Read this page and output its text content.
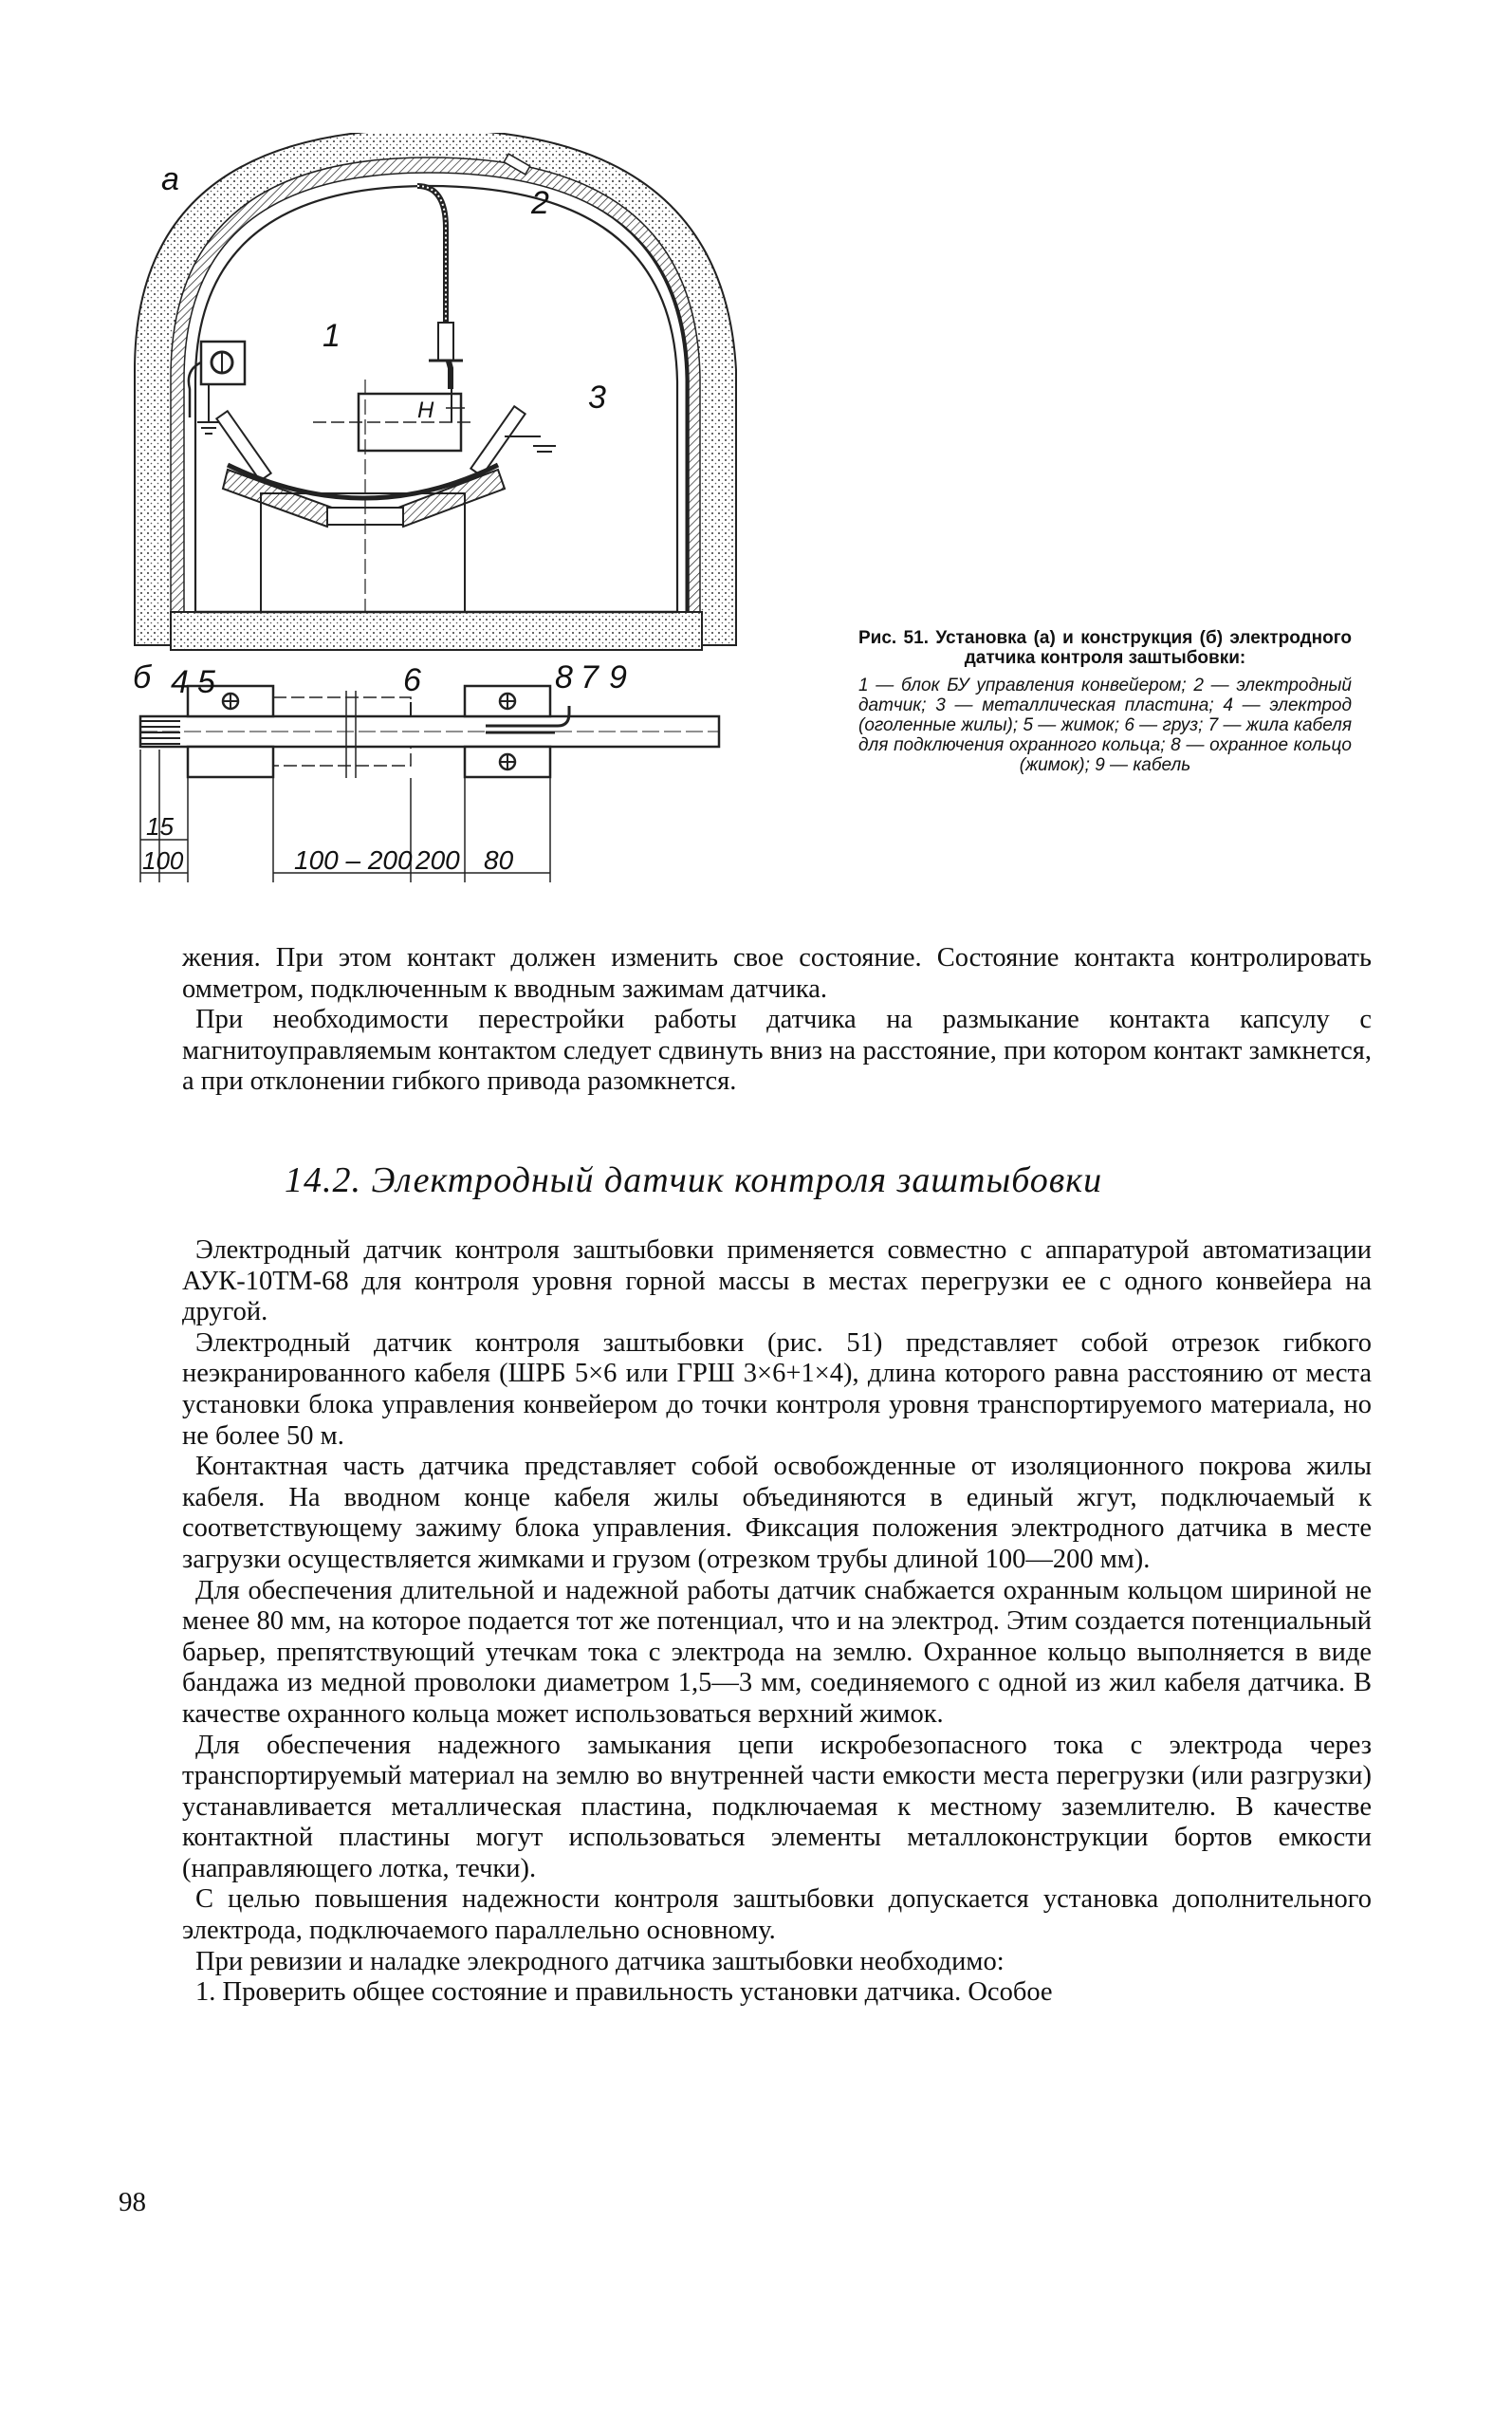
а
б
1
2
3
4 5	6	8 7 9
Н
15
100	100 – 200 200 80
Рис. 51. Установка (а) и конструкция (б) электродного датчика контроля заштыбовки:
1 — блок БУ управления конвейером; 2 — электродный датчик; 3 — металлическая пластина; 4 — электрод (оголенные жилы); 5 — жимок; 6 — груз; 7 — жила кабеля для подключения охранного кольца; 8 — охранное кольцо (жимок); 9 — кабель

жения. При этом контакт должен изменить свое состояние. Состояние контакта контролировать омметром, подключенным к вводным зажимам датчика.

При необходимости перестройки работы датчика на размыкание контакта капсулу с магнитоуправляемым контактом следует сдвинуть вниз на расстояние, при котором контакт замкнется, а при отклонении гибкого привода разомкнется.

14.2. Электродный датчик контроля заштыбовки

Электродный датчик контроля заштыбовки применяется совместно с аппаратурой автоматизации АУК-10ТМ-68 для контроля уровня горной массы в местах перегрузки ее с одного конвейера на другой.

Электродный датчик контроля заштыбовки (рис. 51) представляет собой отрезок гибкого неэкранированного кабеля (ШРБ 5×6 или ГРШ 3×6+1×4), длина которого равна расстоянию от места установки блока управления конвейером до точки контроля уровня транспортируемого материала, но не более 50 м.

Контактная часть датчика представляет собой освобожденные от изоляционного покрова жилы кабеля. На вводном конце кабеля жилы объединяются в единый жгут, подключаемый к соответствующему зажиму блока управления. Фиксация положения электродного датчика в месте загрузки осуществляется жимками и грузом (отрезком трубы длиной 100—200 мм).

Для обеспечения длительной и надежной работы датчик снабжается охранным кольцом шириной не менее 80 мм, на которое подается тот же потенциал, что и на электрод. Этим создается потенциальный барьер, препятствующий утечкам тока с электрода на землю. Охранное кольцо выполняется в виде бандажа из медной проволоки диаметром 1,5—3 мм, соединяемого с одной из жил кабеля датчика. В качестве охранного кольца может использоваться верхний жимок.

Для обеспечения надежного замыкания цепи искробезопасного тока с электрода через транспортируемый материал на землю во внутренней части емкости места перегрузки (или разгрузки) устанавливается металлическая пластина, подключаемая к местному заземлителю. В качестве контактной пластины могут использоваться элементы металлоконструкции бортов емкости (направляющего лотка, течки).

С целью повышения надежности контроля заштыбовки допускается установка дополнительного электрода, подключаемого параллельно основному.

При ревизии и наладке элекродного датчика заштыбовки необходимо:

1. Проверить общее состояние и правильность установки датчика. Особое

98
